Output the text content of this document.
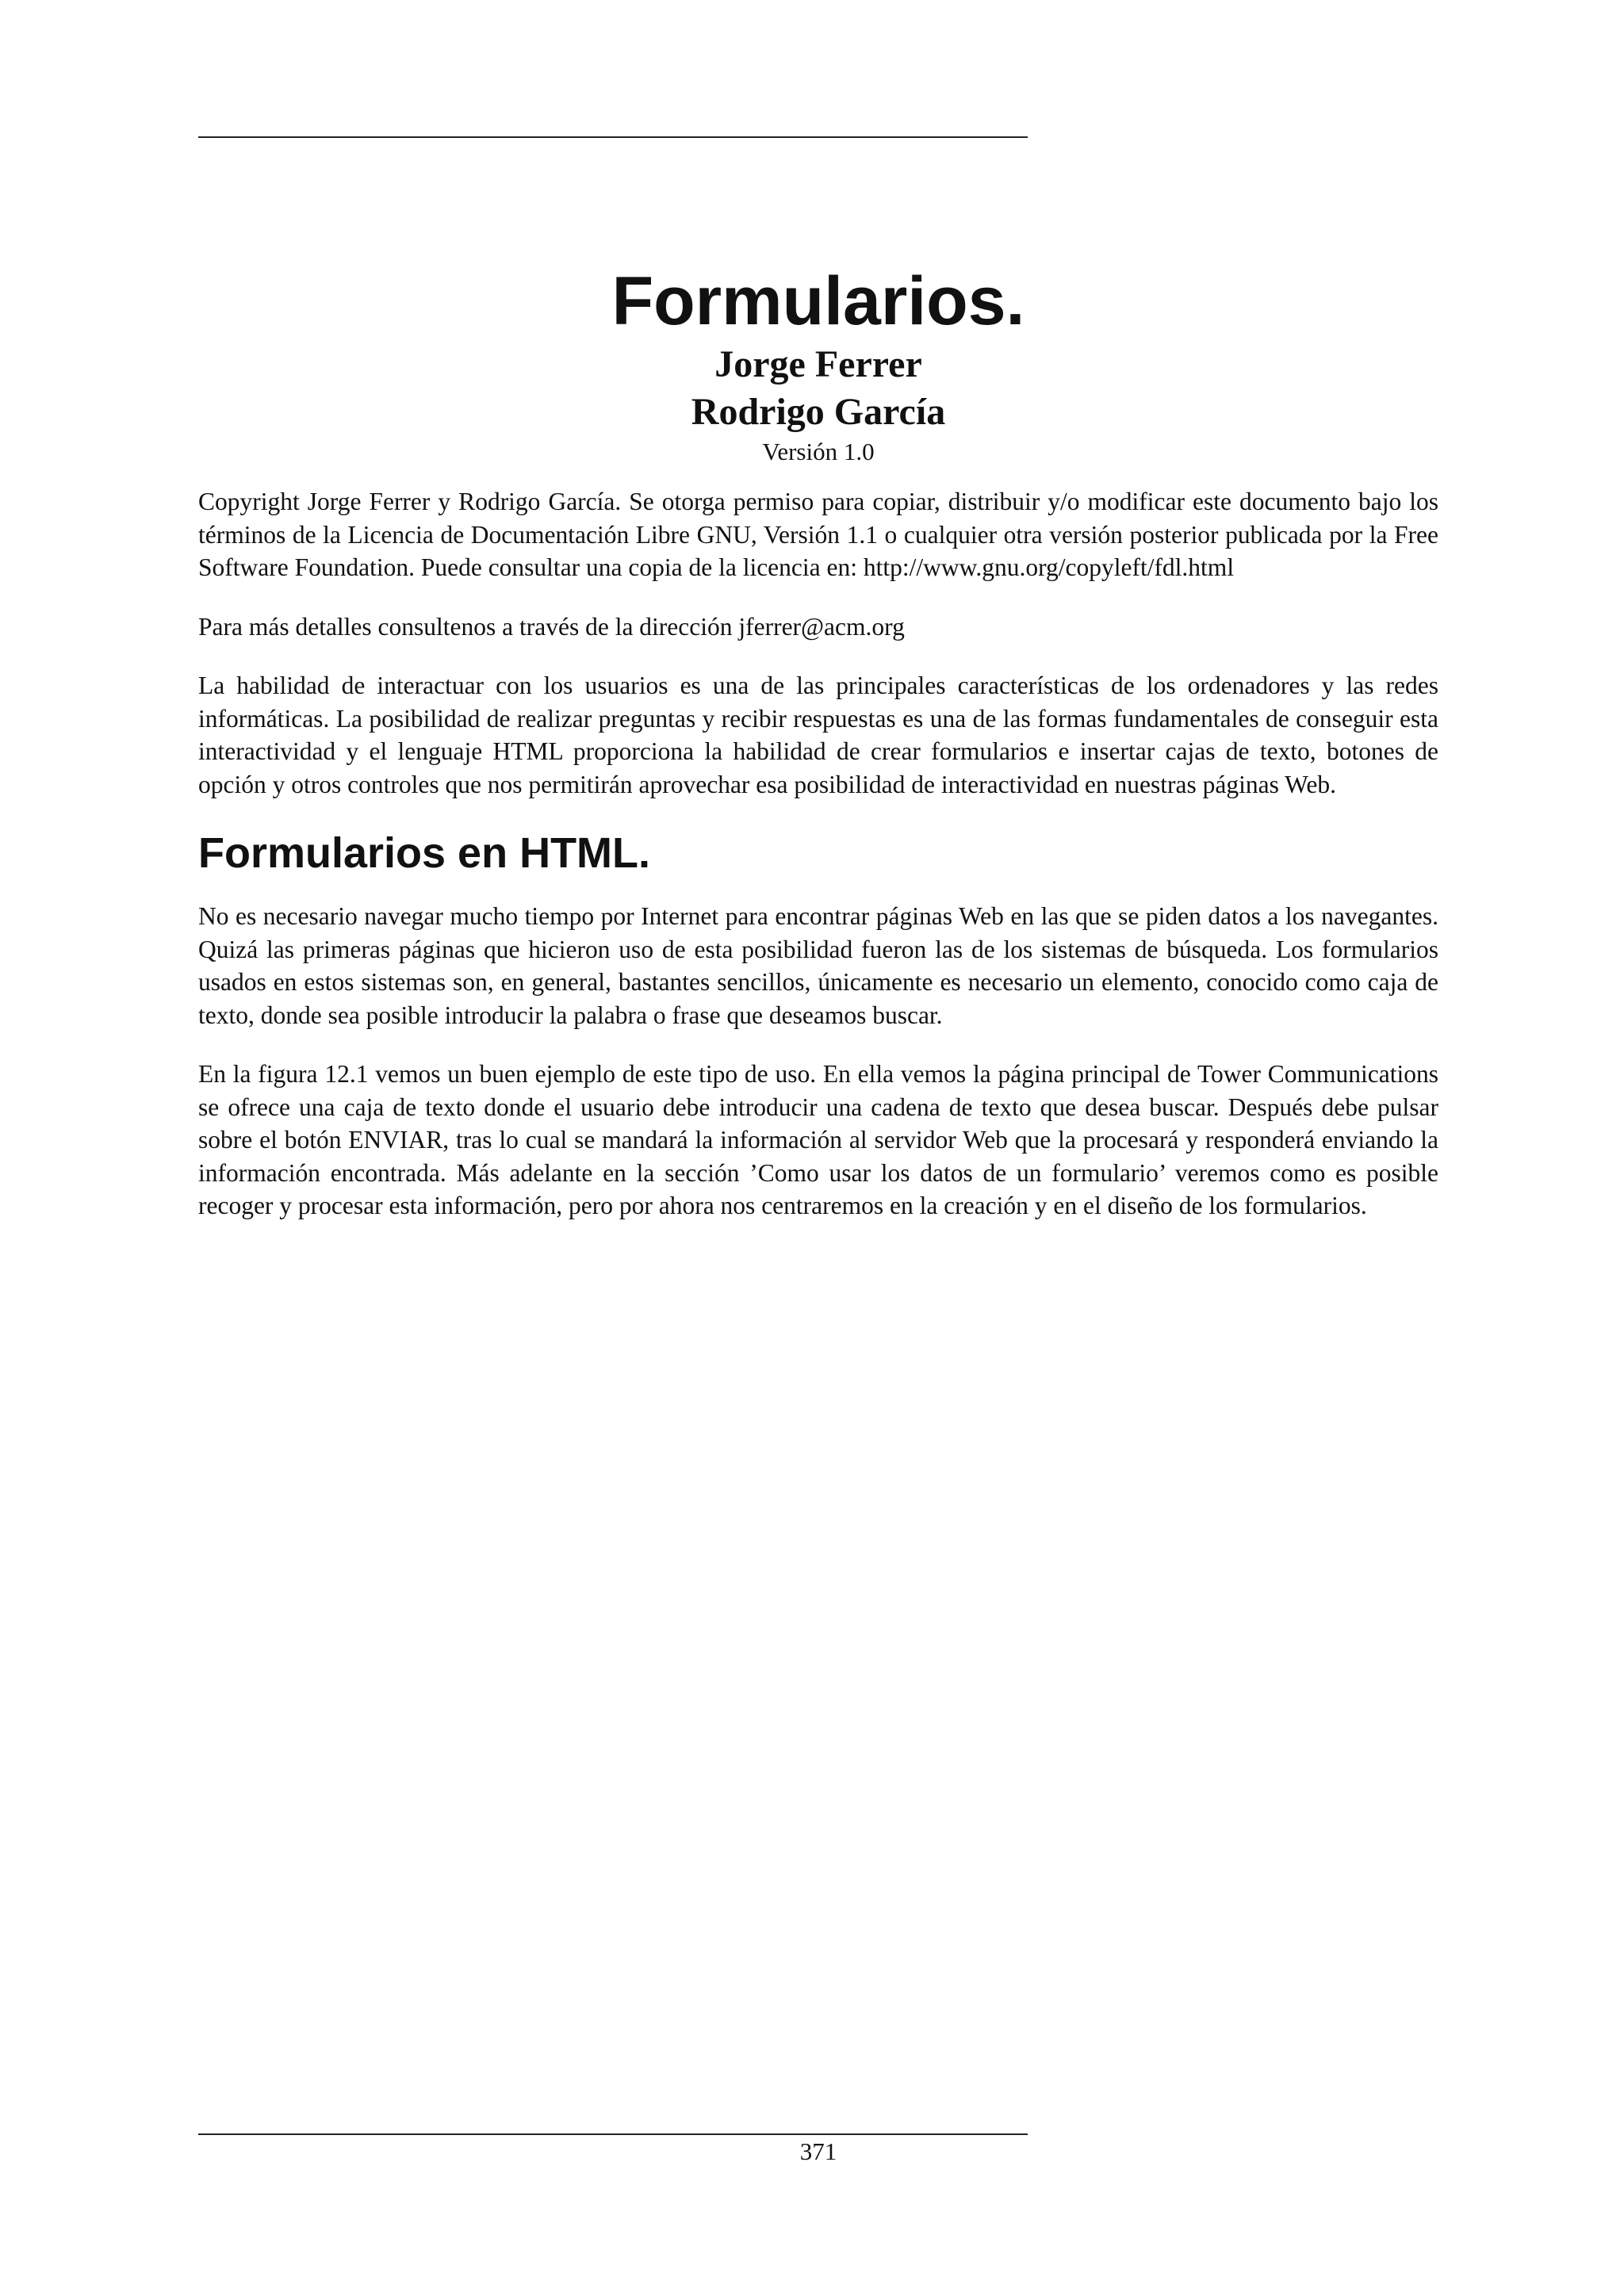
Formularios.

Jorge Ferrer

Rodrigo García

Versión 1.0

Copyright Jorge Ferrer y Rodrigo García. Se otorga permiso para copiar, distribuir y/o modificar este documento bajo los términos de la Licencia de Documentación Libre GNU, Versión 1.1 o cualquier otra versión posterior publicada por la Free Software Foundation. Puede consultar una copia de la licencia en: http://www.gnu.org/copyleft/fdl.html

Para más detalles consultenos a través de la dirección jferrer@acm.org

La habilidad de interactuar con los usuarios es una de las principales características de los ordenadores y las redes informáticas. La posibilidad de realizar preguntas y recibir respuestas es una de las formas fundamentales de conseguir esta interactividad y el lenguaje HTML proporciona la habilidad de crear formularios e insertar cajas de texto, botones de opción y otros controles que nos permitirán aprovechar esa posibilidad de interactividad en nuestras páginas Web.

Formularios en HTML.

No es necesario navegar mucho tiempo por Internet para encontrar páginas Web en las que se piden datos a los navegantes. Quizá las primeras páginas que hicieron uso de esta posibilidad fueron las de los sistemas de búsqueda. Los formularios usados en estos sistemas son, en general, bastantes sencillos, únicamente es necesario un elemento, conocido como caja de texto, donde sea posible introducir la palabra o frase que deseamos buscar.

En la figura 12.1 vemos un buen ejemplo de este tipo de uso. En ella vemos la página principal de Tower Communications se ofrece una caja de texto donde el usuario debe introducir una cadena de texto que desea buscar. Después debe pulsar sobre el botón ENVIAR, tras lo cual se mandará la información al servidor Web que la procesará y responderá enviando la información encontrada. Más adelante en la sección ’Como usar los datos de un formulario’ veremos como es posible recoger y procesar esta información, pero por ahora nos centraremos en la creación y en el diseño de los formularios.

371
